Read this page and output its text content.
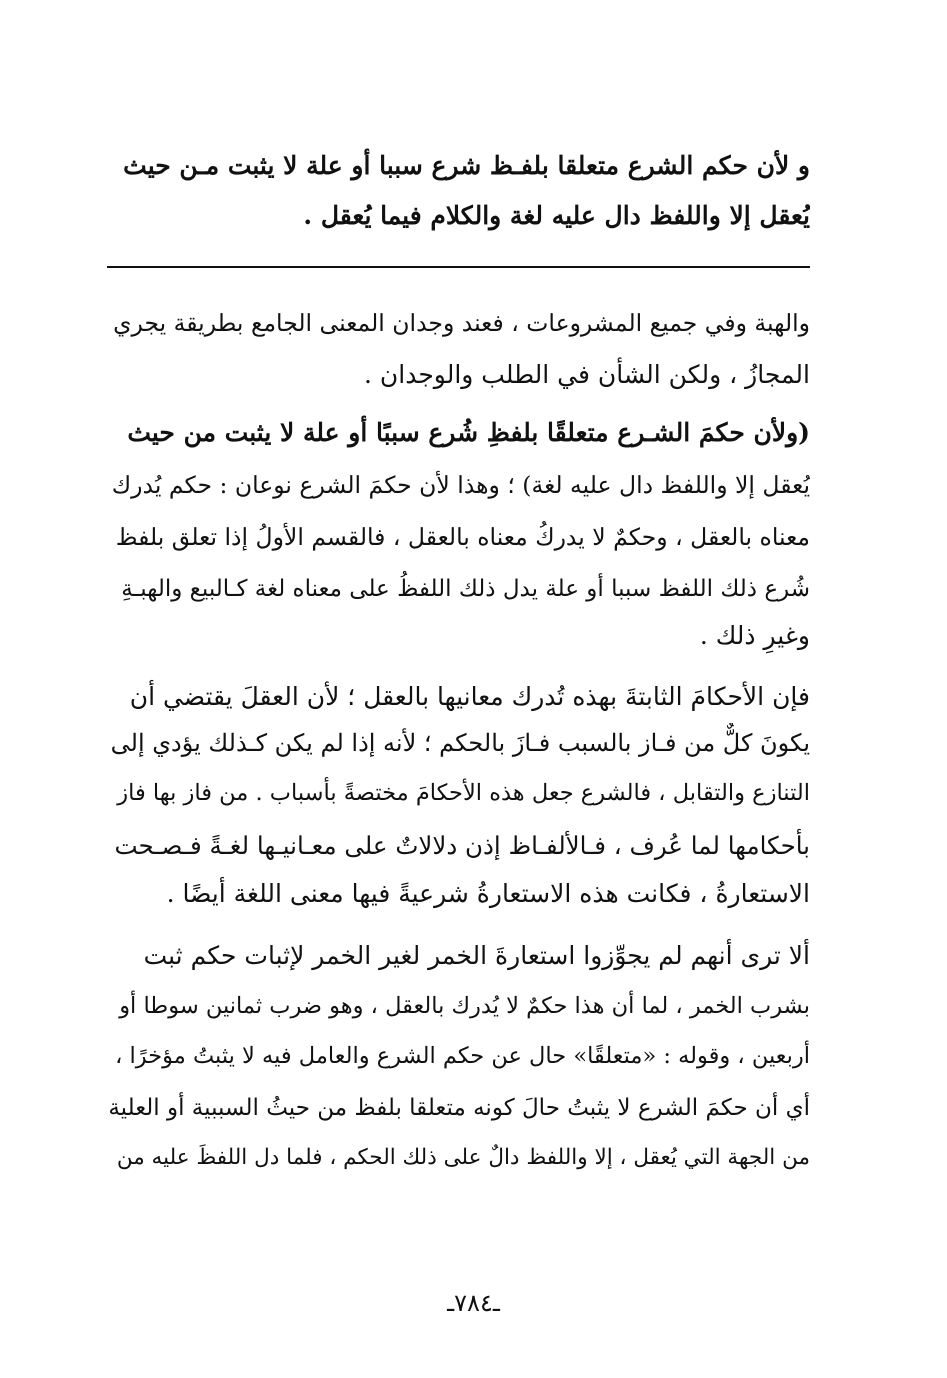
و لأن حكم الشرع متعلقا بلفـظ شرع سببا أو علة لا يثبت مـن حيث
يُعقل إلا واللفظ دال عليه لغة والكلام فيما يُعقل .
والهبة وفي جميع المشروعات ، فعند وجدان المعنى الجامع بطريقة يجري
المجازُ ، ولكن الشأن في الطلب والوجدان .
(ولأن حكمَ الشـرع متعلقًا بلفظِ شُرع سببًا أو علة لا يثبت من حيث
يُعقل إلا واللفظ دال عليه لغة) ؛ وهذا لأن حكمَ الشرع نوعان : حكم يُدرك
معناه بالعقل ، وحكمٌ لا يدركُ معناه بالعقل ، فالقسم الأولُ إذا تعلق بلفظ
شُرع ذلك اللفظ سببا أو علة يدل ذلك اللفظُ على معناه لغة كـالبيع والهبـةِ
وغيرِ ذلك .
فإن الأحكامَ الثابتةَ بهذه تُدرك معانيها بالعقل ؛ لأن العقلَ يقتضي أن
يكونَ كلٌّ من فـاز بالسبب فـازَ بالحكم ؛ لأنه إذا لم يكن كـذلك يؤدي إلى
التنازع والتقابل ، فالشرع جعل هذه الأحكامَ مختصةً بأسباب . من فاز بها فاز
بأحكامها لما عُرف ، فـالألفـاظ إذن دلالاتٌ على معـانيـها لغـةً فـصـحت
الاستعارةُ ، فكانت هذه الاستعارةُ شرعيةً فيها معنى اللغة أيضًا .
ألا ترى أنهم لم يجوِّزوا استعارةَ الخمر لغير الخمر لإثبات حكم ثبت
بشرب الخمر ، لما أن هذا حكمٌ لا يُدرك بالعقل ، وهو ضرب ثمانين سوطا أو
أربعين ، وقوله : «متعلقًا» حال عن حكم الشرع والعامل فيه لا يثبتُ مؤخرًا ،
أي أن حكمَ الشرع لا يثبتُ حالَ كونه متعلقا بلفظ من حيثُ السببية أو العلية
من الجهة التي يُعقل ، إلا واللفظ دالٌ على ذلك الحكم ، فلما دل اللفظَ عليه من
ـ٧٨٤ـ
